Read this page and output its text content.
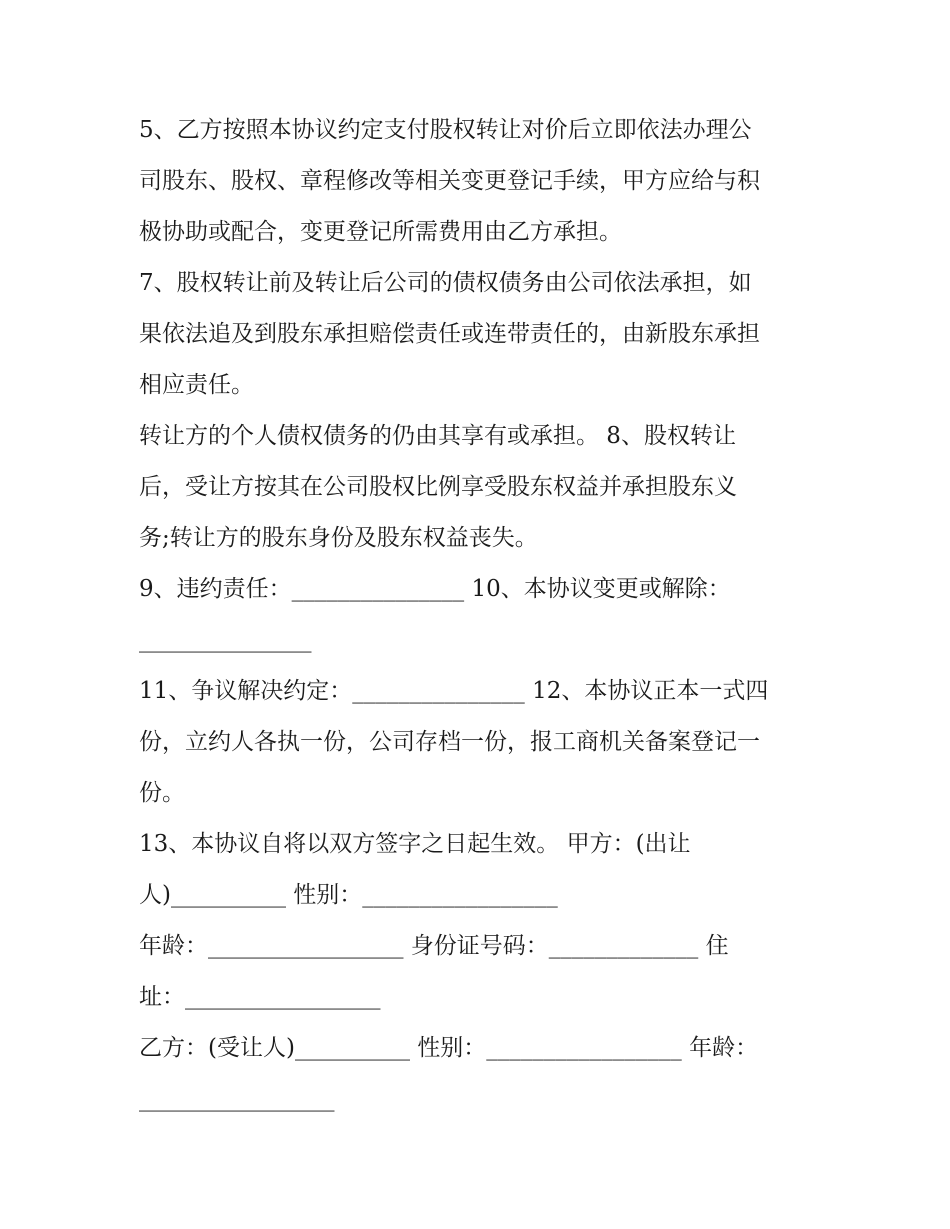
5、乙方按照本协议约定支付股权转让对价后立即依法办理公
司股东、股权、章程修改等相关变更登记手续，甲方应给与积
极协助或配合，变更登记所需费用由乙方承担。
7、股权转让前及转让后公司的债权债务由公司依法承担，如
果依法追及到股东承担赔偿责任或连带责任的，由新股东承担
相应责任。
转让方的个人债权债务的仍由其享有或承担。 8、股权转让
后，受让方按其在公司股权比例享受股东权益并承担股东义
务;转让方的股东身份及股东权益丧失。
9、违约责任：_______________ 10、本协议变更或解除：
_______________
11、争议解决约定：_______________ 12、本协议正本一式四
份，立约人各执一份，公司存档一份，报工商机关备案登记一
份。
13、本协议自将以双方签字之日起生效。 甲方：(出让
人)__________ 性别：_________________
年龄：_________________ 身份证号码：_____________ 住
址：_________________
乙方：(受让人)__________ 性别：_________________ 年龄：
_________________
